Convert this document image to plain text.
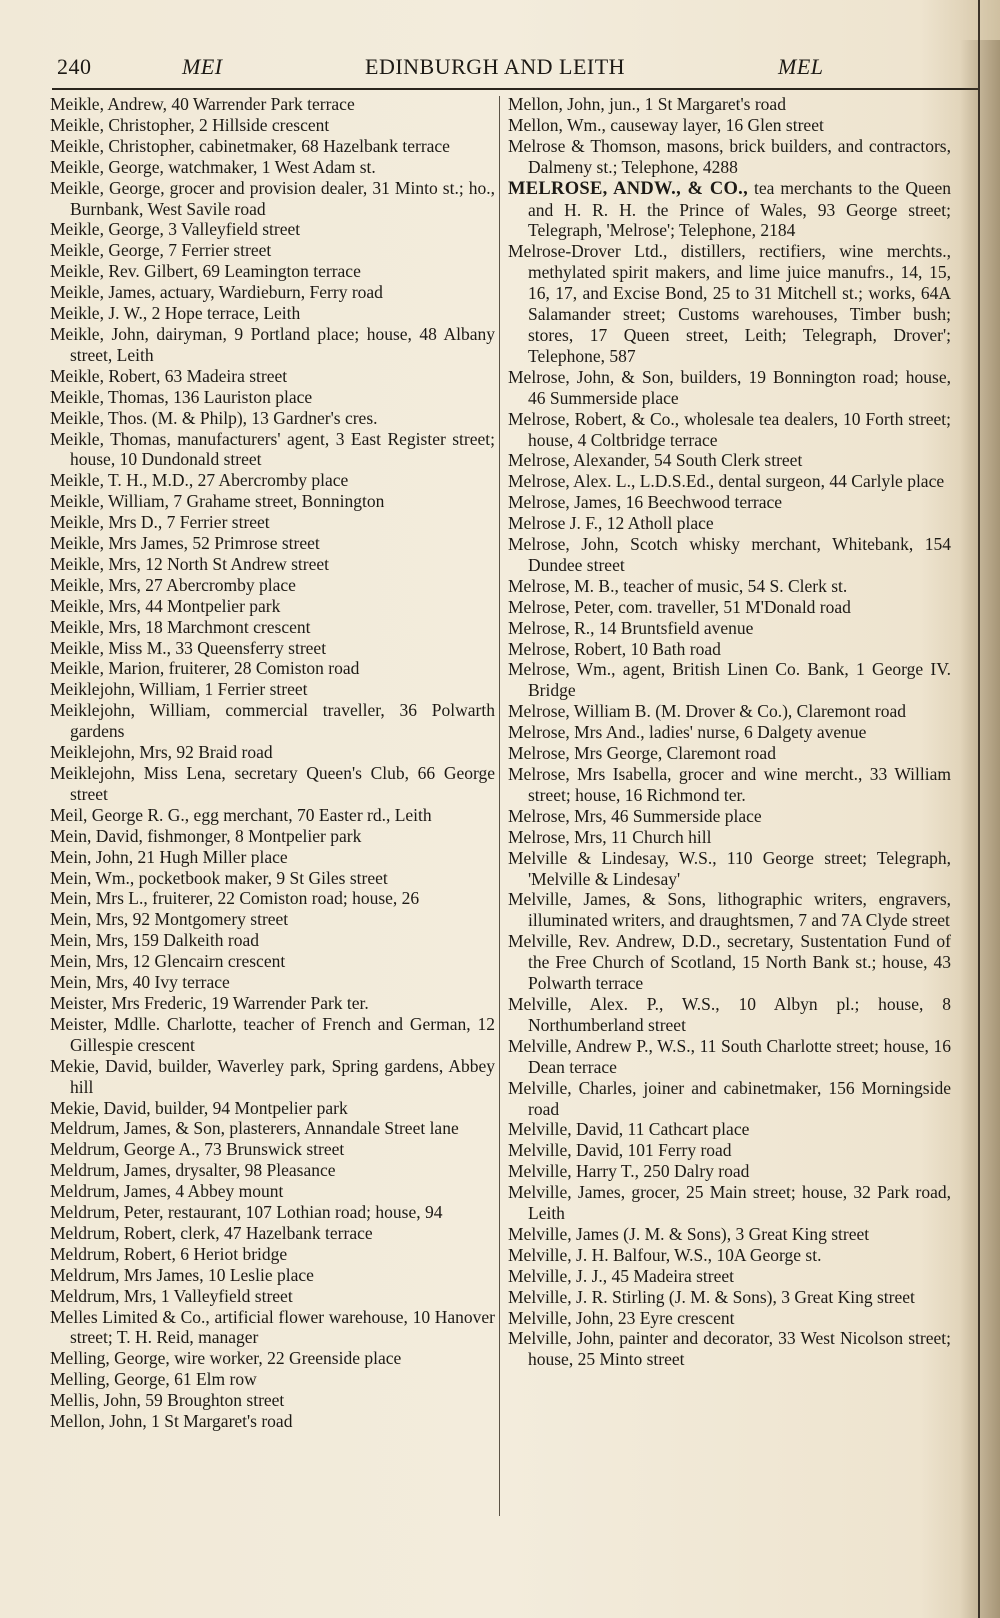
240	MEI	EDINBURGH AND LEITH	MEL
Meikle, Andrew, 40 Warrender Park terrace
Meikle, Christopher, 2 Hillside crescent
Meikle, Christopher, cabinetmaker, 68 Hazelbank terrace
Meikle, George, watchmaker, 1 West Adam st.
Meikle, George, grocer and provision dealer, 31 Minto st.; ho., Burnbank, West Savile road
Meikle, George, 3 Valleyfield street
Meikle, George, 7 Ferrier street
Meikle, Rev. Gilbert, 69 Leamington terrace
Meikle, James, actuary, Wardieburn, Ferry road
Meikle, J. W., 2 Hope terrace, Leith
Meikle, John, dairyman, 9 Portland place; house, 48 Albany street, Leith
Meikle, Robert, 63 Madeira street
Meikle, Thomas, 136 Lauriston place
Meikle, Thos. (M. & Philp), 13 Gardner's cres.
Meikle, Thomas, manufacturers' agent, 3 East Register street; house, 10 Dundonald street
Meikle, T. H., M.D., 27 Abercromby place
Meikle, William, 7 Grahame street, Bonnington
Meikle, Mrs D., 7 Ferrier street
Meikle, Mrs James, 52 Primrose street
Meikle, Mrs, 12 North St Andrew street
Meikle, Mrs, 27 Abercromby place
Meikle, Mrs, 44 Montpelier park
Meikle, Mrs, 18 Marchmont crescent
Meikle, Miss M., 33 Queensferry street
Meikle, Marion, fruiterer, 28 Comiston road
Meiklejohn, William, 1 Ferrier street
Meiklejohn, William, commercial traveller, 36 Polwarth gardens
Meiklejohn, Mrs, 92 Braid road
Meiklejohn, Miss Lena, secretary Queen's Club, 66 George street
Meil, George R. G., egg merchant, 70 Easter rd., Leith
Mein, David, fishmonger, 8 Montpelier park
Mein, John, 21 Hugh Miller place
Mein, Wm., pocketbook maker, 9 St Giles street
Mein, Mrs L., fruiterer, 22 Comiston road; house, 26
Mein, Mrs, 92 Montgomery street
Mein, Mrs, 159 Dalkeith road
Mein, Mrs, 12 Glencairn crescent
Mein, Mrs, 40 Ivy terrace
Meister, Mrs Frederic, 19 Warrender Park ter.
Meister, Mdlle. Charlotte, teacher of French and German, 12 Gillespie crescent
Mekie, David, builder, Waverley park, Spring gardens, Abbey hill
Mekie, David, builder, 94 Montpelier park
Meldrum, James, & Son, plasterers, Annandale Street lane
Meldrum, George A., 73 Brunswick street
Meldrum, James, drysalter, 98 Pleasance
Meldrum, James, 4 Abbey mount
Meldrum, Peter, restaurant, 107 Lothian road; house, 94
Meldrum, Robert, clerk, 47 Hazelbank terrace
Meldrum, Robert, 6 Heriot bridge
Meldrum, Mrs James, 10 Leslie place
Meldrum, Mrs, 1 Valleyfield street
Melles Limited & Co., artificial flower warehouse, 10 Hanover street; T. H. Reid, manager
Melling, George, wire worker, 22 Greenside place
Melling, George, 61 Elm row
Mellis, John, 59 Broughton street
Mellon, John, 1 St Margaret's road
Mellon, John, jun., 1 St Margaret's road
Mellon, Wm., causeway layer, 16 Glen street
Melrose & Thomson, masons, brick builders, and contractors, Dalmeny st.; Telephone, 4288
MELROSE, ANDW., & CO., tea merchants to the Queen and H. R. H. the Prince of Wales, 93 George street; Telegraph, 'Melrose'; Telephone, 2184
Melrose-Drover Ltd., distillers, rectifiers, wine merchts., methylated spirit makers, and lime juice manufrs., 14, 15, 16, 17, and Excise Bond, 25 to 31 Mitchell st.; works, 64A Salamander street; Customs warehouses, Timber bush; stores, 17 Queen street, Leith; Telegraph, Drover'; Telephone, 587
Melrose, John, & Son, builders, 19 Bonnington road; house, 46 Summerside place
Melrose, Robert, & Co., wholesale tea dealers, 10 Forth street; house, 4 Coltbridge terrace
Melrose, Alexander, 54 South Clerk street
Melrose, Alex. L., L.D.S.Ed., dental surgeon, 44 Carlyle place
Melrose, James, 16 Beechwood terrace
Melrose J. F., 12 Atholl place
Melrose, John, Scotch whisky merchant, Whitebank, 154 Dundee street
Melrose, M. B., teacher of music, 54 S. Clerk st.
Melrose, Peter, com. traveller, 51 M'Donald road
Melrose, R., 14 Bruntsfield avenue
Melrose, Robert, 10 Bath road
Melrose, Wm., agent, British Linen Co. Bank, 1 George IV. Bridge
Melrose, William B. (M. Drover & Co.), Claremont road
Melrose, Mrs And., ladies' nurse, 6 Dalgety avenue
Melrose, Mrs George, Claremont road
Melrose, Mrs Isabella, grocer and wine mercht., 33 William street; house, 16 Richmond ter.
Melrose, Mrs, 46 Summerside place
Melrose, Mrs, 11 Church hill
Melville & Lindesay, W.S., 110 George street; Telegraph, 'Melville & Lindesay'
Melville, James, & Sons, lithographic writers, engravers, illuminated writers, and draughtsmen, 7 and 7A Clyde street
Melville, Rev. Andrew, D.D., secretary, Sustentation Fund of the Free Church of Scotland, 15 North Bank st.; house, 43 Polwarth terrace
Melville, Alex. P., W.S., 10 Albyn pl.; house, 8 Northumberland street
Melville, Andrew P., W.S., 11 South Charlotte street; house, 16 Dean terrace
Melville, Charles, joiner and cabinetmaker, 156 Morningside road
Melville, David, 11 Cathcart place
Melville, David, 101 Ferry road
Melville, Harry T., 250 Dalry road
Melville, James, grocer, 25 Main street; house, 32 Park road, Leith
Melville, James (J. M. & Sons), 3 Great King street
Melville, J. H. Balfour, W.S., 10A George st.
Melville, J. J., 45 Madeira street
Melville, J. R. Stirling (J. M. & Sons), 3 Great King street
Melville, John, 23 Eyre crescent
Melville, John, painter and decorator, 33 West Nicolson street; house, 25 Minto street
